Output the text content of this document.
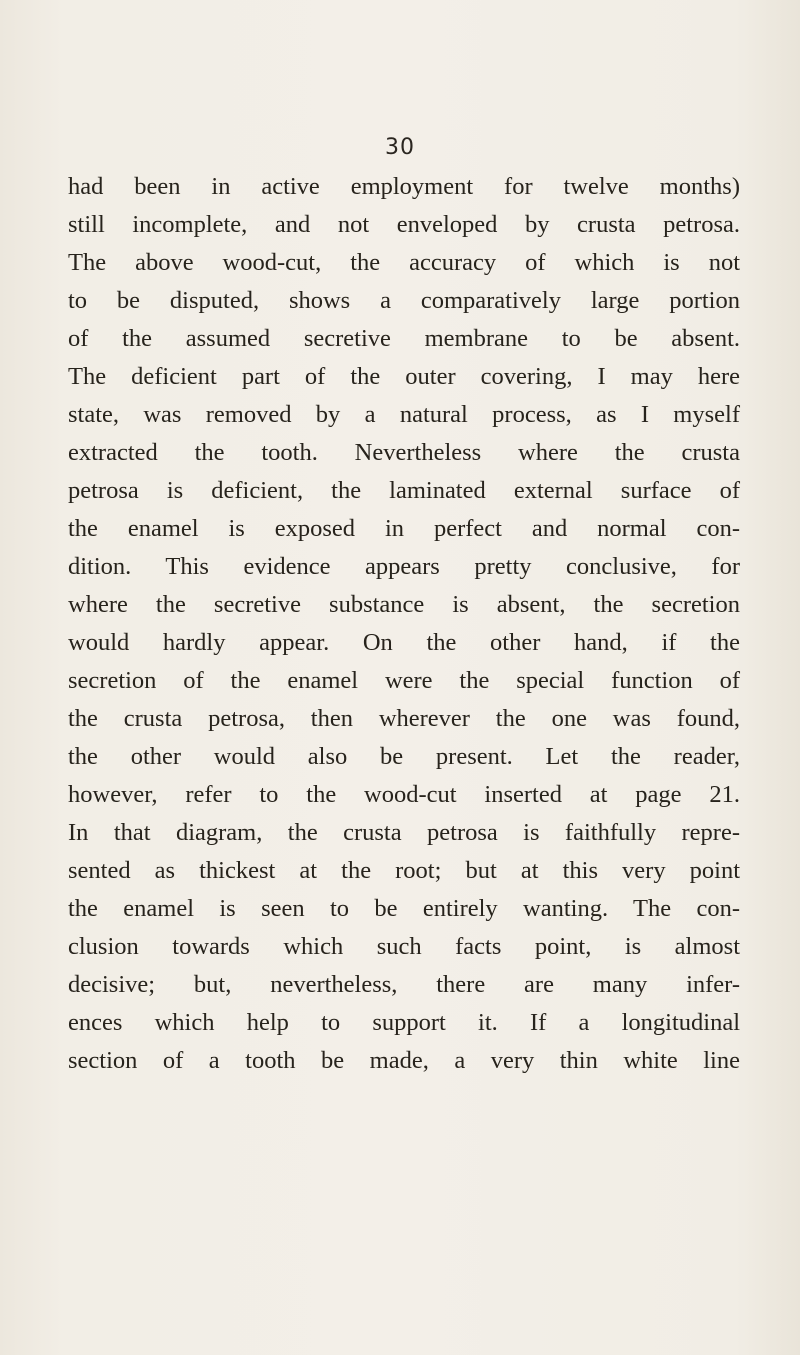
30
had been in active employment for twelve months)
still incomplete, and not enveloped by crusta petrosa.
The above wood-cut, the accuracy of which is not
to be disputed, shows a comparatively large portion
of the assumed secretive membrane to be absent.
The deficient part of the outer covering, I may here
state, was removed by a natural process, as I myself
extracted the tooth. Nevertheless where the crusta
petrosa is deficient, the laminated external surface of
the enamel is exposed in perfect and normal con-
dition. This evidence appears pretty conclusive, for
where the secretive substance is absent, the secretion
would hardly appear. On the other hand, if the
secretion of the enamel were the special function of
the crusta petrosa, then wherever the one was found,
the other would also be present. Let the reader,
however, refer to the wood-cut inserted at page 21.
In that diagram, the crusta petrosa is faithfully repre-
sented as thickest at the root; but at this very point
the enamel is seen to be entirely wanting. The con-
clusion towards which such facts point, is almost
decisive; but, nevertheless, there are many infer-
ences which help to support it. If a longitudinal
section of a tooth be made, a very thin white line
